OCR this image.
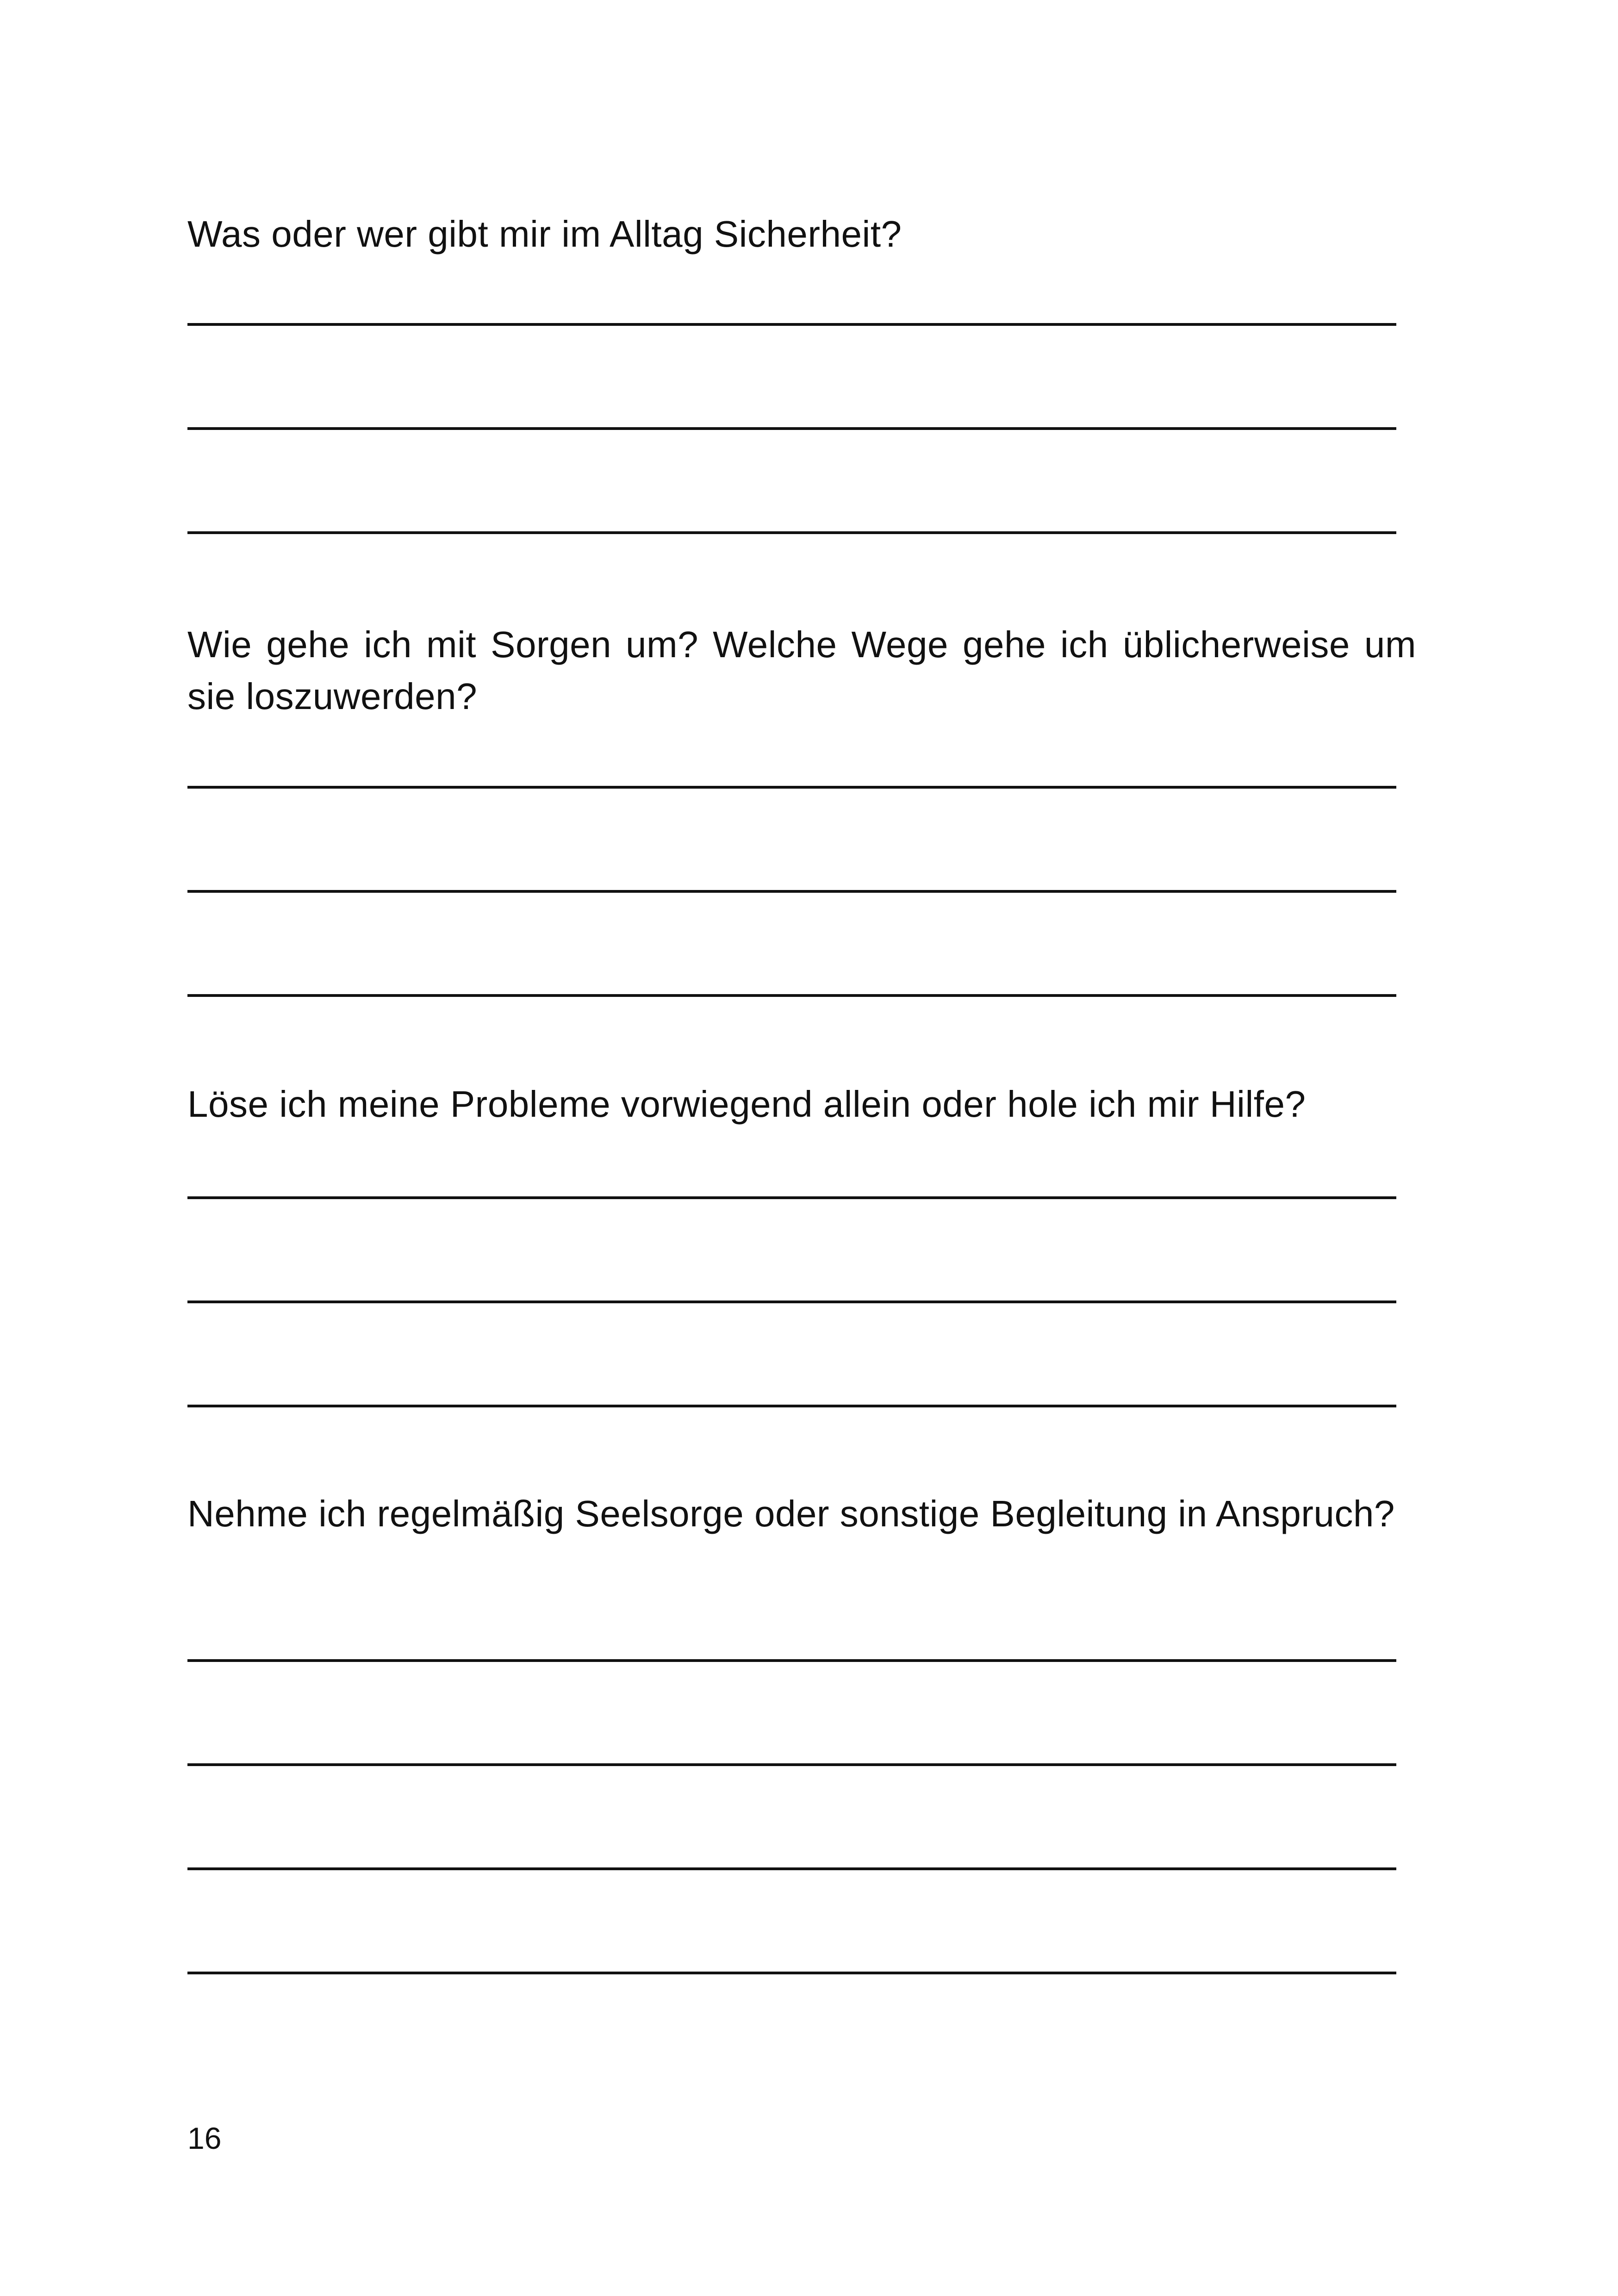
Was oder wer gibt mir im Alltag Sicherheit?
Wie gehe ich mit Sorgen um? Welche Wege gehe ich üblicherweise um sie loszuwerden?
Löse ich meine Probleme vorwiegend allein oder hole ich mir Hilfe?
Nehme ich regelmäßig Seelsorge oder sonstige Begleitung in Anspruch?
16
